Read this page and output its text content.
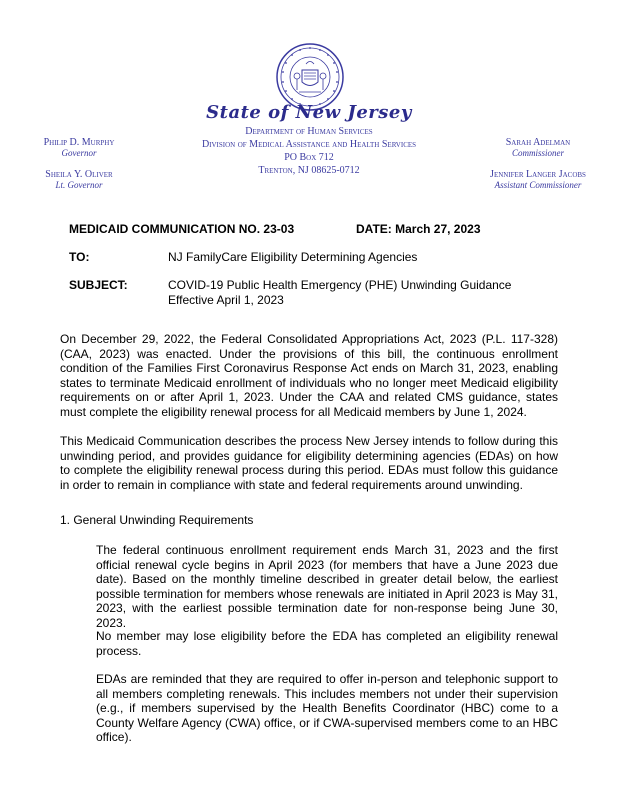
State of New Jersey
Department of Human Services
Division of Medical Assistance and Health Services
PO Box 712
Trenton, NJ 08625-0712
Philip D. Murphy
Governor
Sheila Y. Oliver
Lt. Governor
Sarah Adelman
Commissioner
Jennifer Langer Jacobs
Assistant Commissioner
MEDICAID COMMUNICATION NO. 23-03	DATE: March 27, 2023
TO:	NJ FamilyCare Eligibility Determining Agencies
SUBJECT:	COVID-19 Public Health Emergency (PHE) Unwinding Guidance
Effective April 1, 2023
On December 29, 2022, the Federal Consolidated Appropriations Act, 2023 (P.L. 117-328) (CAA, 2023) was enacted. Under the provisions of this bill, the continuous enrollment condition of the Families First Coronavirus Response Act ends on March 31, 2023, enabling states to terminate Medicaid enrollment of individuals who no longer meet Medicaid eligibility requirements on or after April 1, 2023. Under the CAA and related CMS guidance, states must complete the eligibility renewal process for all Medicaid members by June 1, 2024.
This Medicaid Communication describes the process New Jersey intends to follow during this unwinding period, and provides guidance for eligibility determining agencies (EDAs) on how to complete the eligibility renewal process during this period. EDAs must follow this guidance in order to remain in compliance with state and federal requirements around unwinding.
1. General Unwinding Requirements
The federal continuous enrollment requirement ends March 31, 2023 and the first official renewal cycle begins in April 2023 (for members that have a June 2023 due date). Based on the monthly timeline described in greater detail below, the earliest possible termination for members whose renewals are initiated in April 2023 is May 31, 2023, with the earliest possible termination date for non-response being June 30, 2023.
No member may lose eligibility before the EDA has completed an eligibility renewal process.
EDAs are reminded that they are required to offer in-person and telephonic support to all members completing renewals. This includes members not under their supervision (e.g., if members supervised by the Health Benefits Coordinator (HBC) come to a County Welfare Agency (CWA) office, or if CWA-supervised members come to an HBC office).
